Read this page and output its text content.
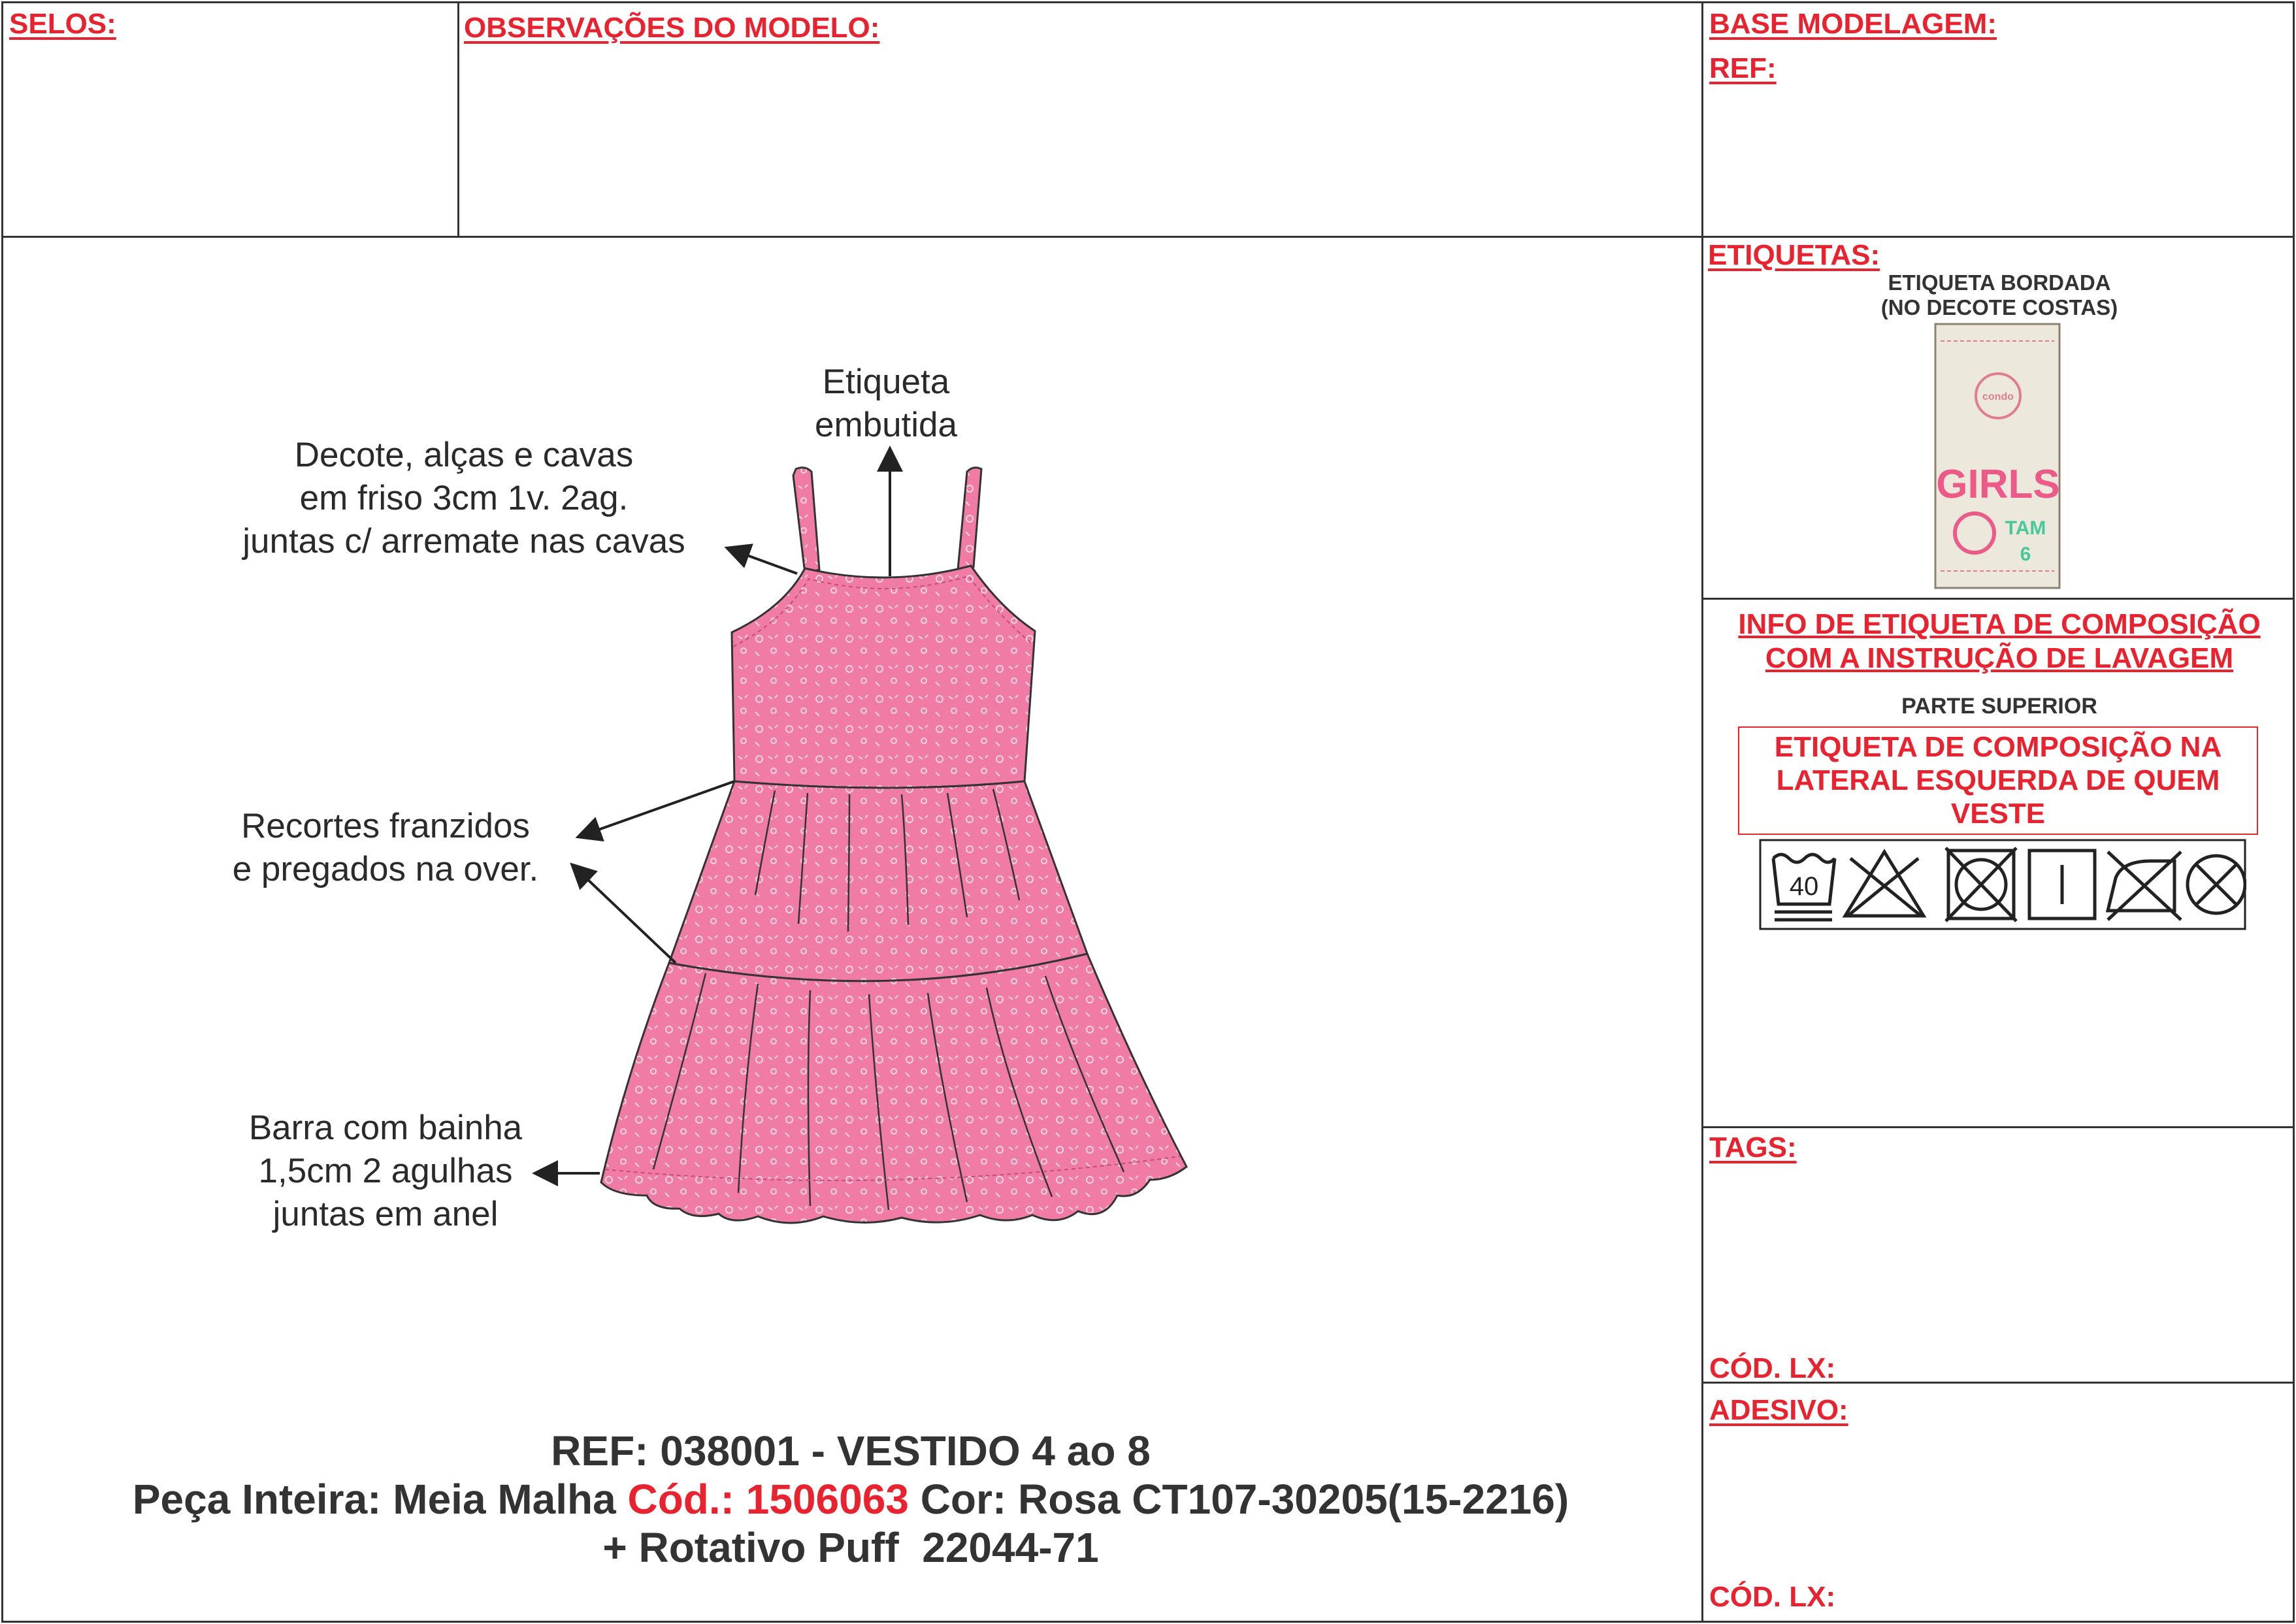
SELOS:	OBSERVAÇÕES DO MODELO:	BASE MODELAGEM:
REF:
ETIQUETAS:
TAGS:
CÓD. LX:
ADESIVO:
CÓD. LX:
ETIQUETA BORDADA
(NO DECOTE COSTAS)
condo
GIRLS
TAM
6
INFO DE ETIQUETA DE COMPOSIÇÃO
COM A INSTRUÇÃO DE LAVAGEM
PARTE SUPERIOR
ETIQUETA DE COMPOSIÇÃO NA
LATERAL ESQUERDA DE QUEM
VESTE
40
Etiqueta
embutida
Decote, alças e cavas
em friso 3cm 1v. 2ag.
juntas c/ arremate nas cavas
Recortes franzidos
e pregados na over.
Barra com bainha
1,5cm 2 agulhas
juntas em anel
REF: 038001 - VESTIDO 4 ao 8
Peça Inteira: Meia Malha Cód.: 1506063 Cor: Rosa CT107-30205(15-2216)
+ Rotativo Puff  22044-71
